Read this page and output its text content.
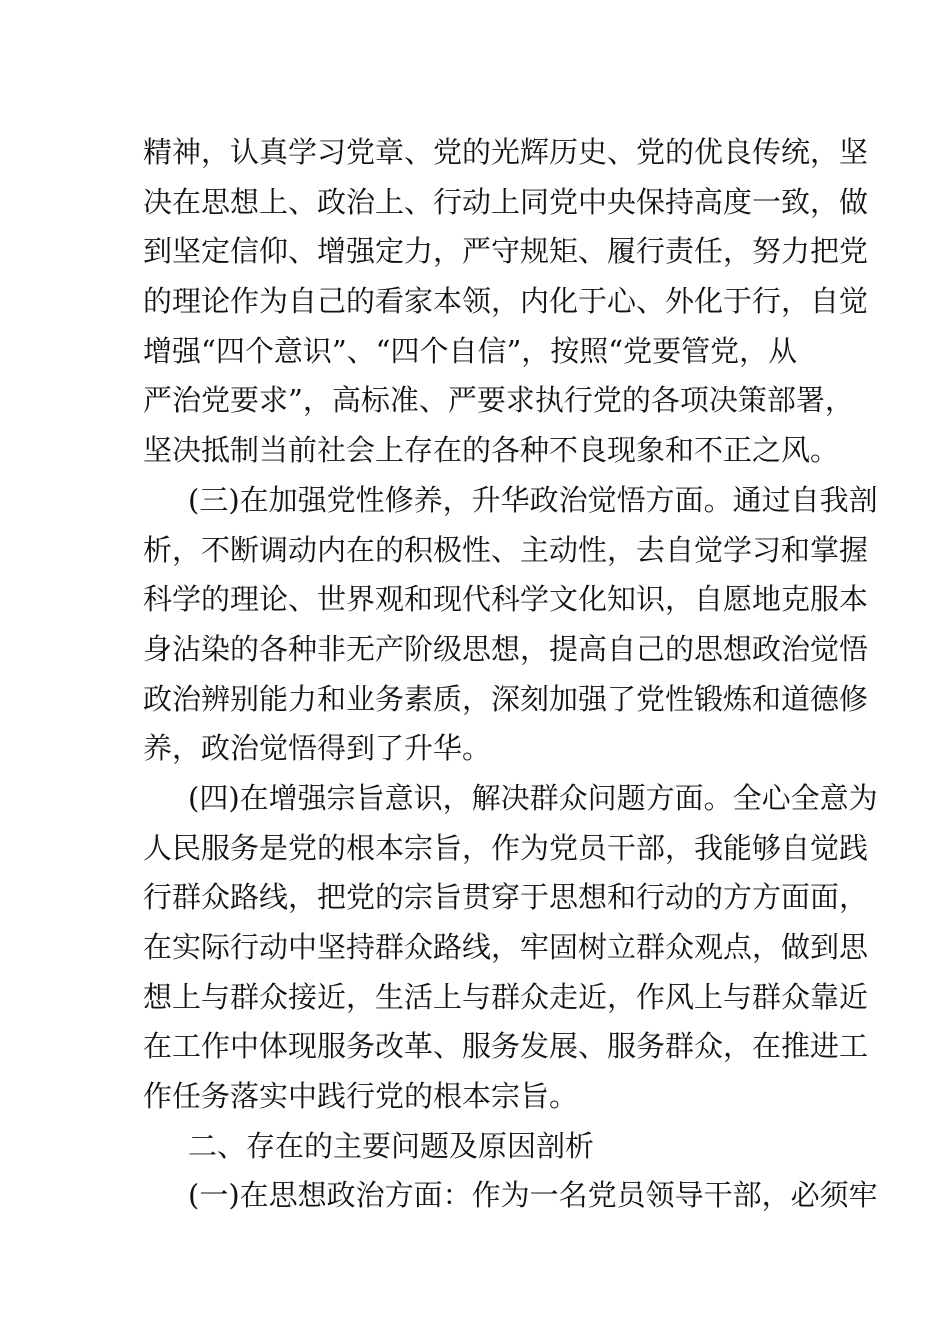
精神，认真学习党章、党的光辉历史、党的优良传统，坚
决在思想上、政治上、行动上同党中央保持高度一致，做
到坚定信仰、增强定力，严守规矩、履行责任，努力把党
的理论作为自己的看家本领，内化于心、外化于行，自觉
增强“四个意识”、“四个自信”，按照“党要管党，从
严治党要求”，高标准、严要求执行党的各项决策部署，
坚决抵制当前社会上存在的各种不良现象和不正之风。
(三)在加强党性修养，升华政治觉悟方面。通过自我剖
析，不断调动内在的积极性、主动性，去自觉学习和掌握
科学的理论、世界观和现代科学文化知识，自愿地克服本
身沾染的各种非无产阶级思想，提高自己的思想政治觉悟
政治辨别能力和业务素质，深刻加强了党性锻炼和道德修
养，政治觉悟得到了升华。
(四)在增强宗旨意识，解决群众问题方面。全心全意为
人民服务是党的根本宗旨，作为党员干部，我能够自觉践
行群众路线，把党的宗旨贯穿于思想和行动的方方面面，
在实际行动中坚持群众路线，牢固树立群众观点，做到思
想上与群众接近，生活上与群众走近，作风上与群众靠近
在工作中体现服务改革、服务发展、服务群众，在推进工
作任务落实中践行党的根本宗旨。
二、存在的主要问题及原因剖析
(一)在思想政治方面：作为一名党员领导干部，必须牢
